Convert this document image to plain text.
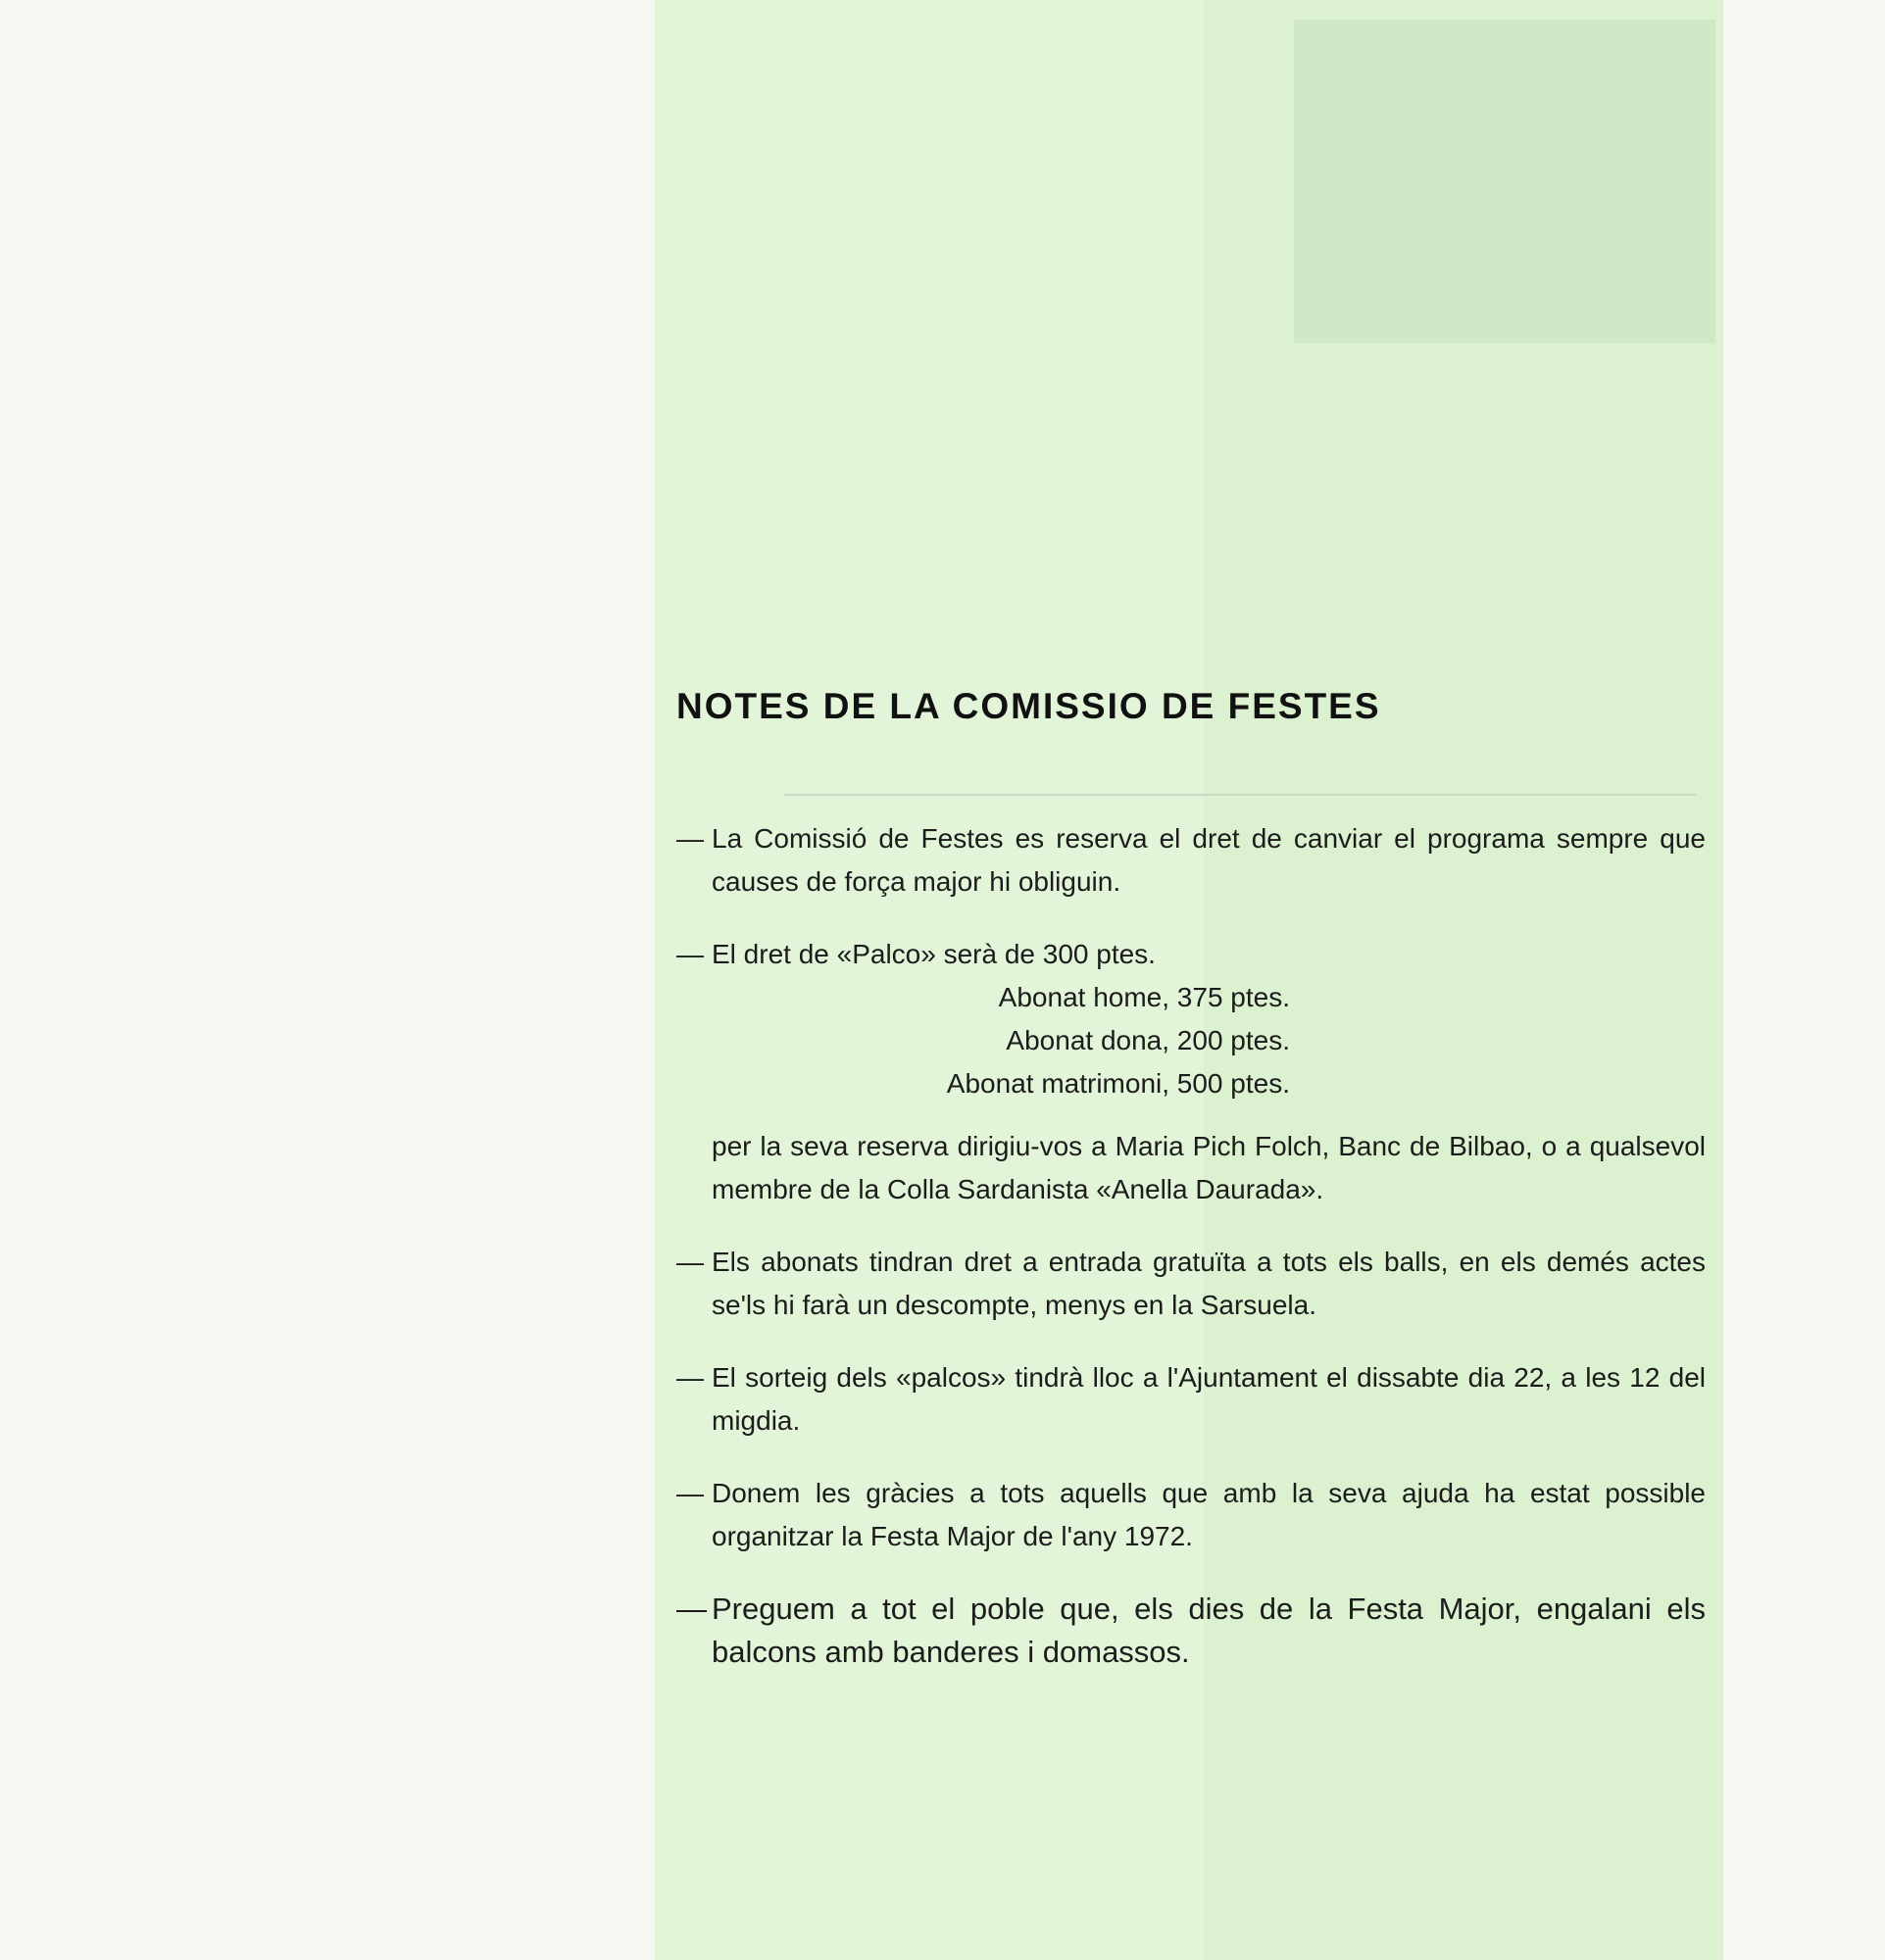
NOTES DE LA COMISSIO DE FESTES
— La Comissió de Festes es reserva el dret de canviar el programa sempre que causes de força major hi obliguin.

— El dret de «Palco» serà de 300 ptes.

Abonat home, 375 ptes.
Abonat dona, 200 ptes.
Abonat matrimoni, 500 ptes.

per la seva reserva dirigiu-vos a Maria Pich Folch, Banc de Bilbao, o a qualsevol membre de la Colla Sardanista «Anella Daurada».

— Els abonats tindran dret a entrada gratuïta a tots els balls, en els demés actes se'ls hi farà un descompte, menys en la Sarsuela.

— El sorteig dels «palcos» tindrà lloc a l'Ajuntament el dissabte dia 22, a les 12 del migdia.

— Donem les gràcies a tots aquells que amb la seva ajuda ha estat possible organitzar la Festa Major de l'any 1972.

— Preguem a tot el poble que, els dies de la Festa Major, engalani els balcons amb banderes i domassos.
